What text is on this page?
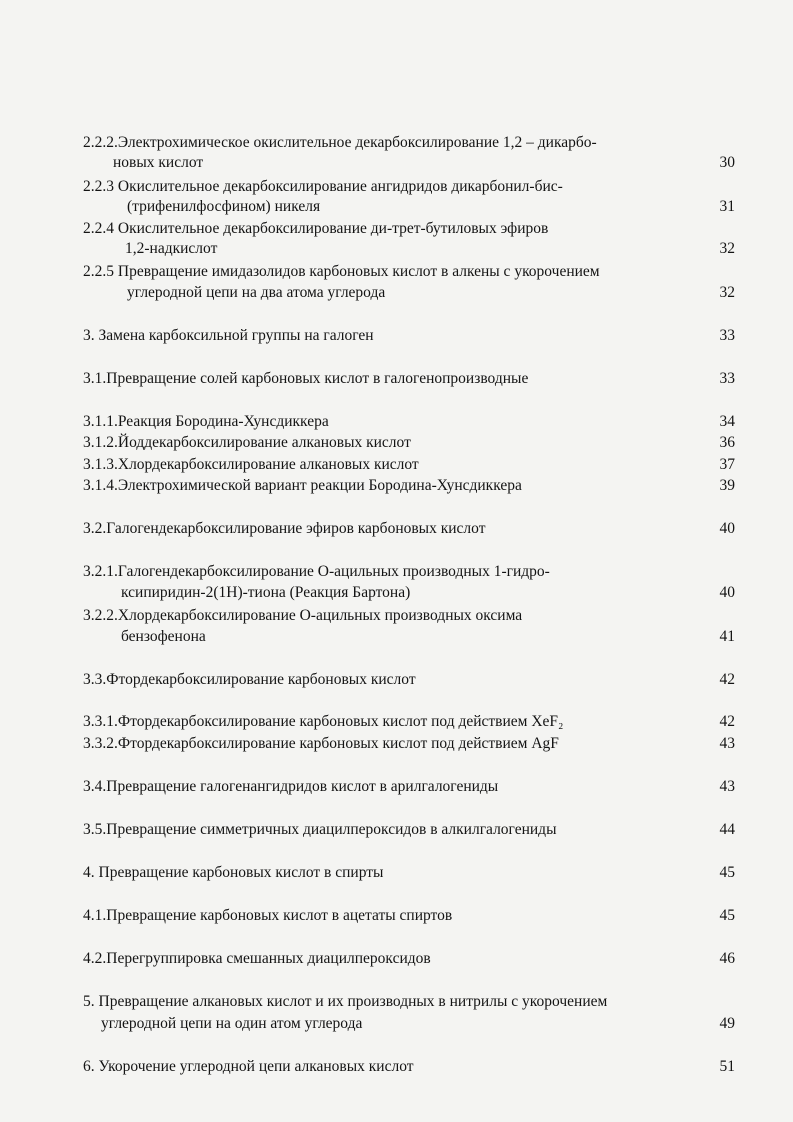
2.2.2.Электрохимическое окислительное декарбоксилирование 1,2 – дикарбо-
новых кислот	30
2.2.3 Окислительное декарбоксилирование ангидридов дикарбонил-бис-
(трифенилфосфином) никеля	31
2.2.4 Окислительное декарбоксилирование ди-трет-бутиловых эфиров
1,2-надкислот	32
2.2.5 Превращение имидазолидов карбоновых кислот в алкены с укорочением
углеродной цепи на два атома углерода	32
3. Замена карбоксильной группы на галоген	33
3.1.Превращение солей карбоновых кислот в галогенопроизводные	33
3.1.1.Реакция Бородина-Хунсдиккера	34
3.1.2.Йоддекарбоксилирование алкановых кислот	36
3.1.3.Хлордекарбоксилирование алкановых кислот	37
3.1.4.Электрохимической вариант реакции Бородина-Хунсдиккера	39
3.2.Галогендекарбоксилирование эфиров карбоновых кислот	40
3.2.1.Галогендекарбоксилирование О-ацильных производных 1-гидро-
ксипиридин-2(1Н)-тиона (Реакция Бартона)	40
3.2.2.Хлордекарбоксилирование О-ацильных производных оксима
бензофенона	41
3.3.Фтордекарбоксилирование карбоновых кислот	42
3.3.1.Фтордекарбоксилирование карбоновых кислот под действием XeF₂	42
3.3.2.Фтордекарбоксилирование карбоновых кислот под действием AgF	43
3.4.Превращение галогенангидридов кислот в арилгалогениды	43
3.5.Превращение симметричных диацилпероксидов в алкилгалогениды	44
4. Превращение карбоновых кислот в спирты	45
4.1.Превращение карбоновых кислот в ацетаты спиртов	45
4.2.Перегруппировка смешанных диацилпероксидов	46
5. Превращение алкановых кислот и их производных в нитрилы с укорочением
углеродной цепи на один атом углерода	49
6. Укорочение углеродной цепи алкановых кислот	51
